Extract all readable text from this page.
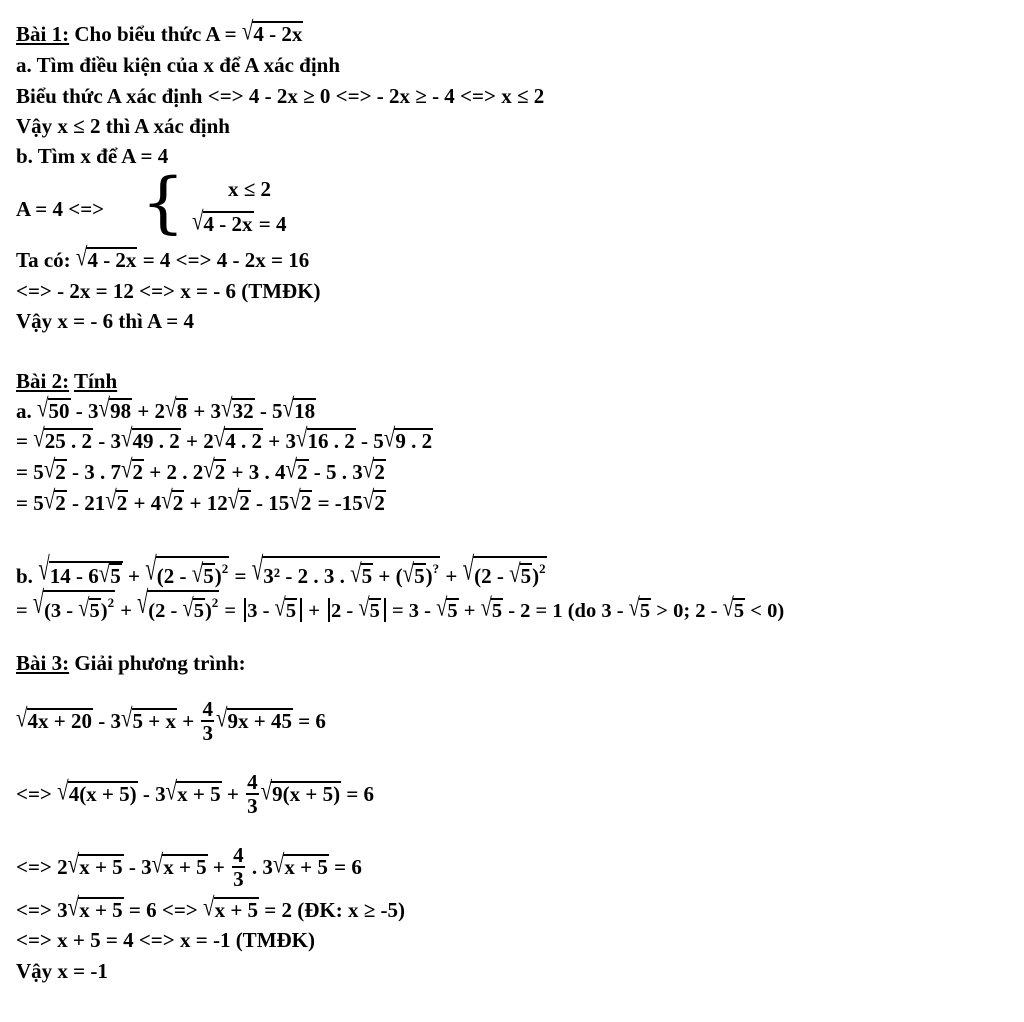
Bài 1: Cho biểu thức A = √4 - 2x
a. Tìm điều kiện của x để A xác định
Biểu thức A xác định <=> 4 - 2x ≥ 0 <=> - 2x ≥ - 4 <=> x ≤ 2
Vậy x ≤ 2 thì A xác định
b. Tìm x để A = 4
A = 4 <=> { x ≤ 2
√4 - 2x = 4
Ta có: √4 - 2x = 4 <=> 4 - 2x = 16
<=> - 2x = 12 <=> x = - 6 (TMĐK)
Vậy x = - 6 thì A = 4
Bài 2: Tính
a. √50 - 3√98 + 2√8 + 3√32 - 5√18
= √25 . 2 - 3√49 . 2 + 2√4 . 2 + 3√16 . 2 - 5√9 . 2
= 5√2 - 3 . 7√2 + 2 . 2√2 + 3 . 4√2 - 5 . 3√2
= 5√2 - 21√2 + 4√2 + 12√2 - 15√2 = -15√2
b. √14 - 6√5 + √(2 - √5)$^2$ = √3² - 2 . 3 . √5 + (√5)? + √(2 - √5)$^2$
= √(3 - √5)$^2$ + √(2 - √5)$^2$ = 3 - √5 + 2 - √5 = 3 - √5 + √5 - 2 = 1 (do 3 - √5 > 0; 2 - √5 < 0)
Bài 3: Giải phương trình:
$√4x + 20 - 3√5 + x + \frac{4}{3} √9x + 45 = 6$
<=> $√4(x + 5) - 3√x + 5 + \frac{4}{3} √9(x + 5) = 6$
<=> $2√x + 5 - 3√x + 5 + \frac{4}{3}$ . 3√x + 5 = 6
<=> 3√x + 5 = 6 <=> √x + 5 = 2 (ĐK: x ≥ -5)
<=> x + 5 = 4 <=> x = -1 (TMĐK)
Vậy x = -1
